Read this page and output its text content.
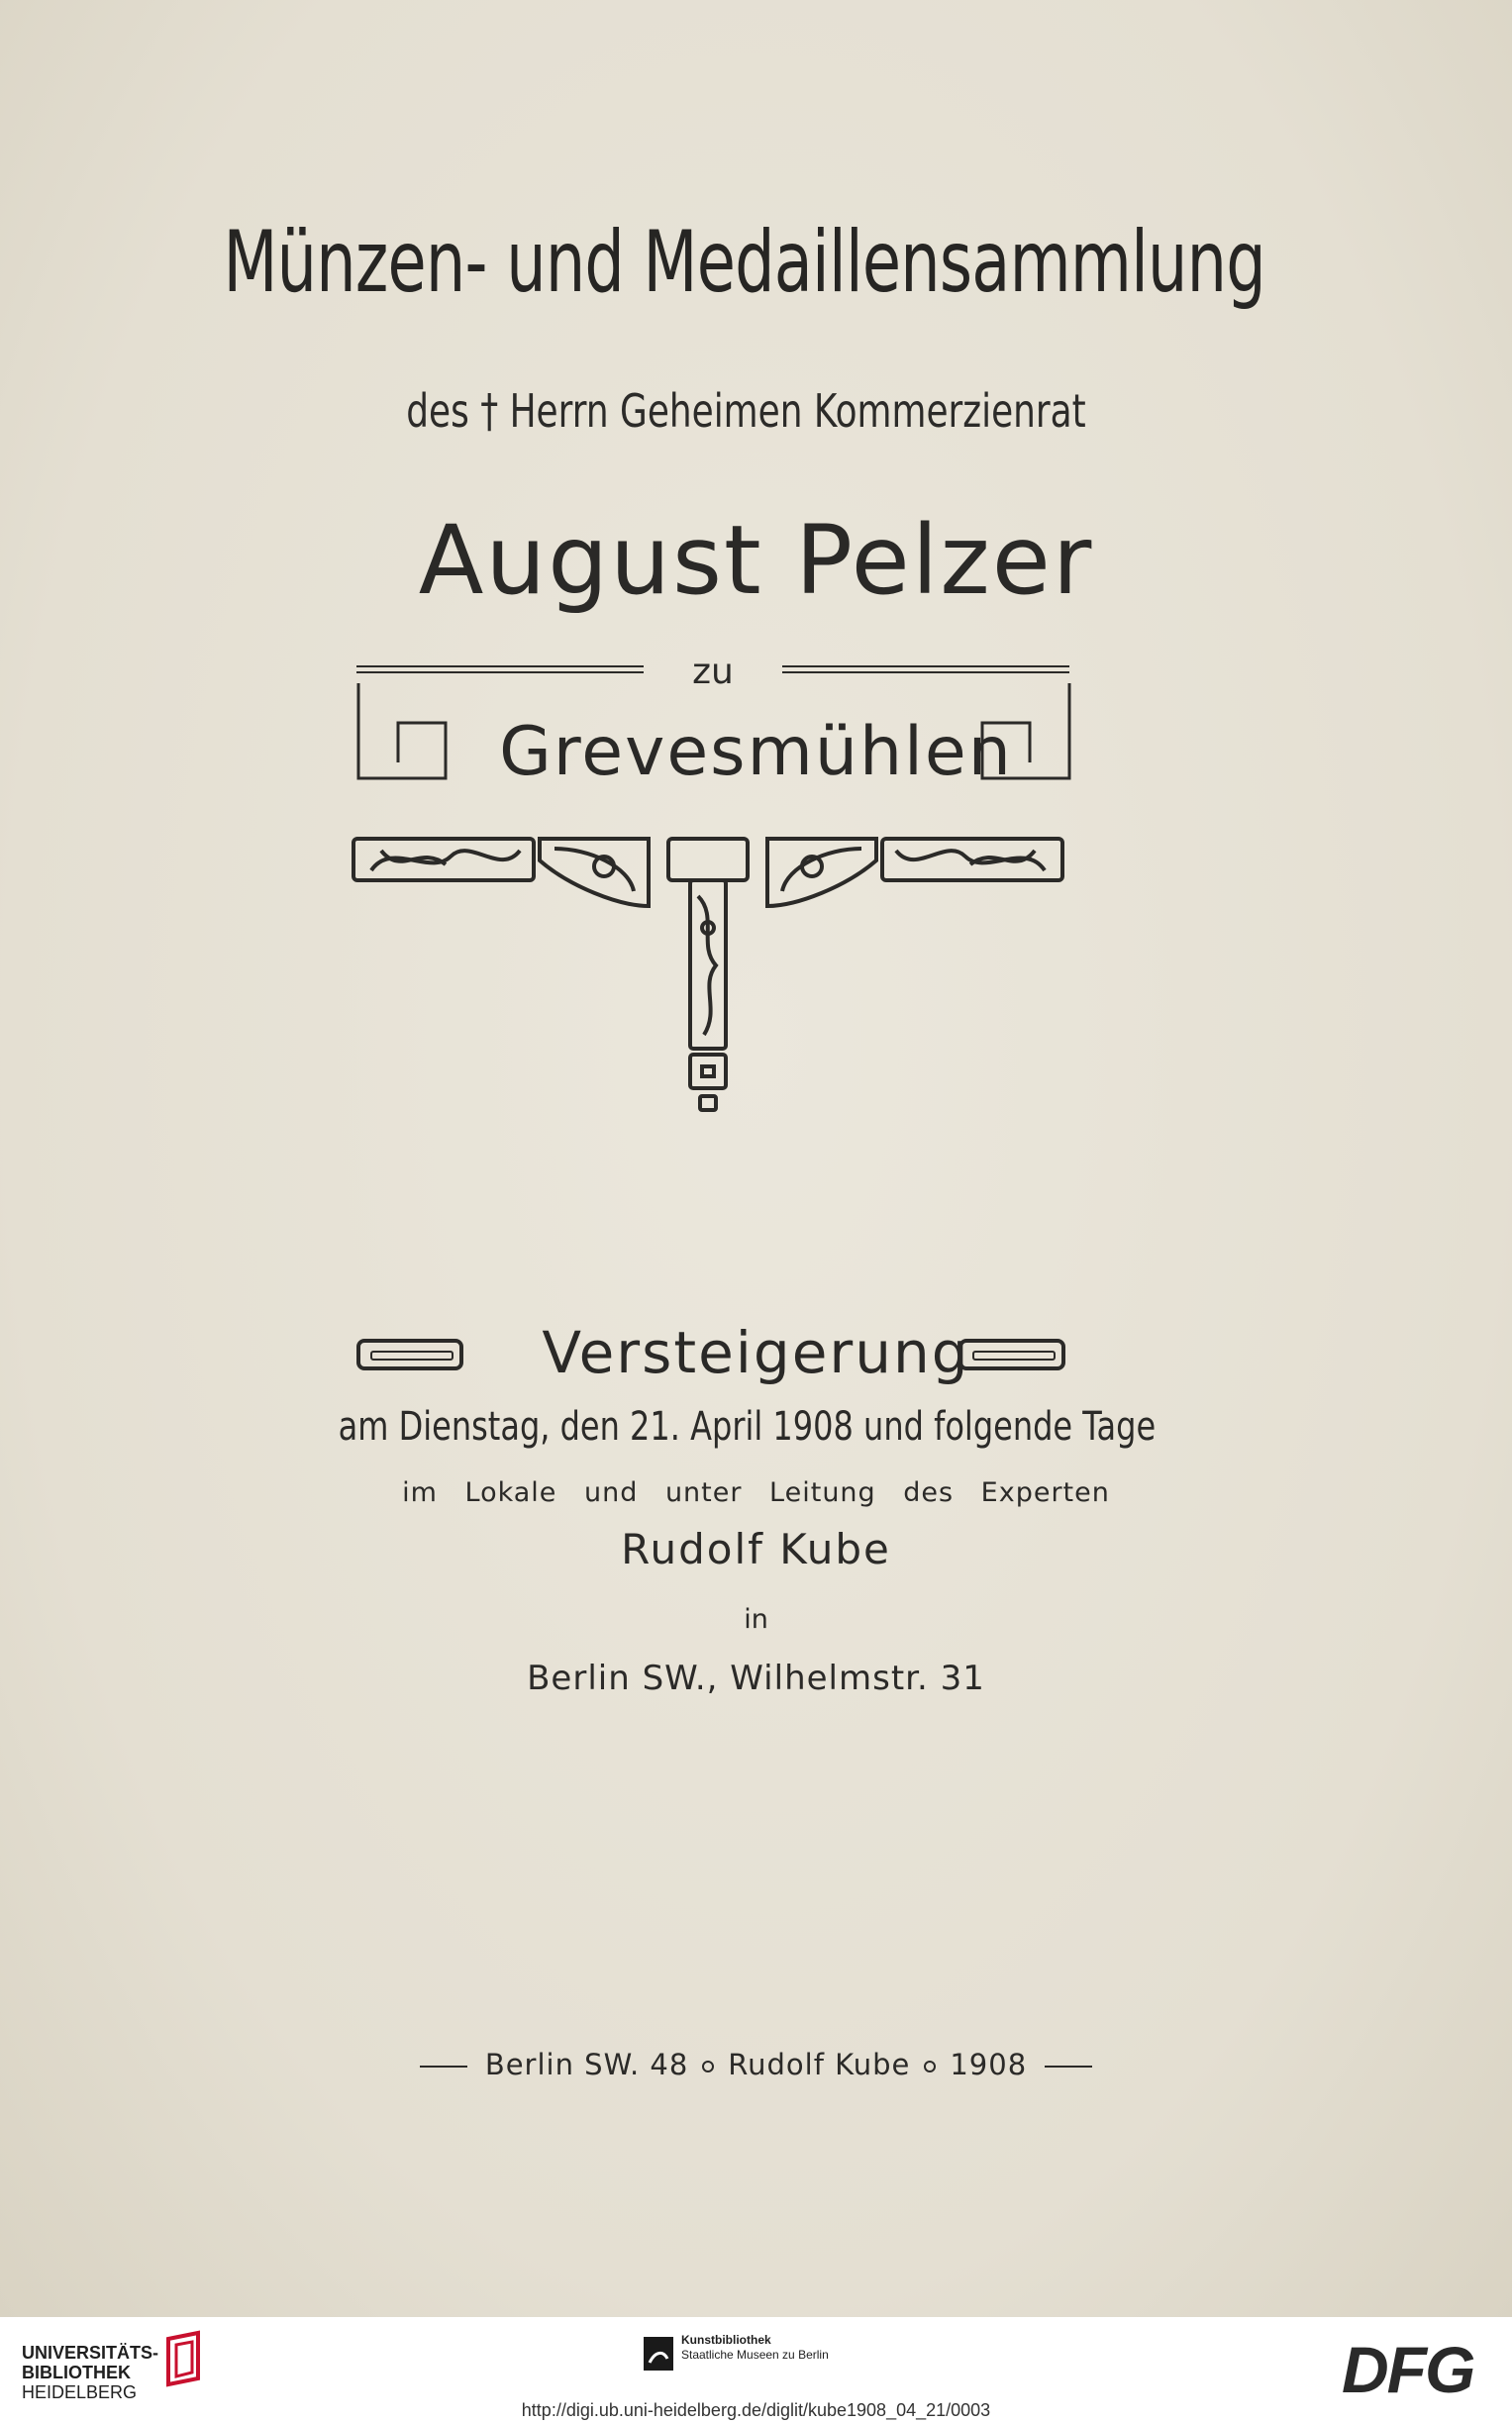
Münzen- und Medaillensammlung
des † Herrn Geheimen Kommerzienrat
August Pelzer
zu
Grevesmühlen
Versteigerung
am Dienstag, den 21. April 1908 und folgende Tage
im Lokale und unter Leitung des Experten
Rudolf Kube
in
Berlin SW., Wilhelmstr. 31
Berlin SW. 48 Rudolf Kube 1908
UNIVERSITÄTS-
BIBLIOTHEK
HEIDELBERG
Kunstbibliothek
Staatliche Museen zu Berlin	DFG
http://digi.ub.uni-heidelberg.de/diglit/kube1908_04_21/0003
